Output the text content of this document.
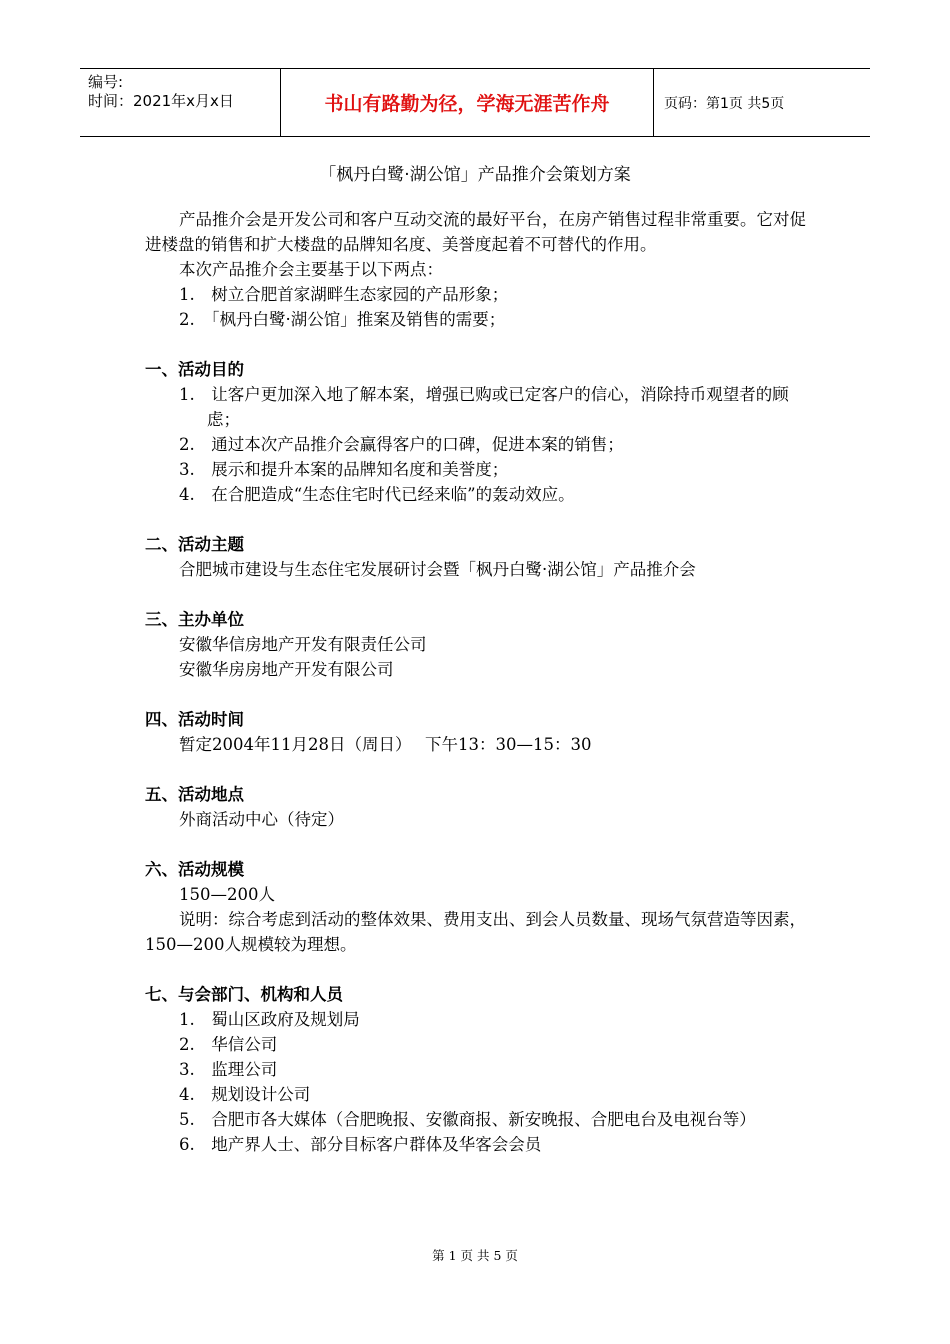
编号:
时间：2021年x月x日	书山有路勤为径，学海无涯苦作舟	页码：第1页 共5页
「枫丹白鹭·湖公馆」产品推介会策划方案

产品推介会是开发公司和客户互动交流的最好平台，在房产销售过程非常重要。它对促进楼盘的销售和扩大楼盘的品牌知名度、美誉度起着不可替代的作用。

本次产品推介会主要基于以下两点：

1.　树立合肥首家湖畔生态家园的产品形象；

2.　「枫丹白鹭·湖公馆」推案及销售的需要；

一、活动目的

1.　让客户更加深入地了解本案，增强已购或已定客户的信心，消除持币观望者的顾虑；

2.　通过本次产品推介会赢得客户的口碑，促进本案的销售；

3.　展示和提升本案的品牌知名度和美誉度；

4.　在合肥造成“生态住宅时代已经来临”的轰动效应。

二、活动主题

合肥城市建设与生态住宅发展研讨会暨「枫丹白鹭·湖公馆」产品推介会

三、主办单位

安徽华信房地产开发有限责任公司

安徽华房房地产开发有限公司

四、活动时间

暂定2004年11月28日（周日）　 下午13：30—15：30

五、活动地点

外商活动中心（待定）

六、活动规模

150—200人

说明：综合考虑到活动的整体效果、费用支出、到会人员数量、现场气氛营造等因素，150—200人规模较为理想。

七、与会部门、机构和人员

1.　蜀山区政府及规划局

2.　华信公司

3.　监理公司

4.　规划设计公司

5.　合肥市各大媒体（合肥晚报、安徽商报、新安晚报、合肥电台及电视台等）

6.　地产界人士、部分目标客户群体及华客会会员

第 1 页 共 5 页
